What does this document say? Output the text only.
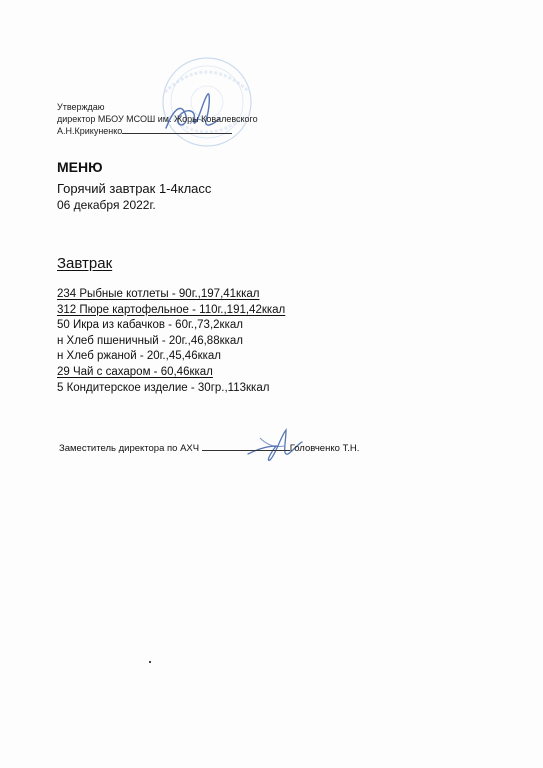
Утверждаю
директор МБОУ МСОШ им. Жоры Ковалевского
А.Н.Крикуненко
МЕНЮ
Горячий завтрак 1-4класс
06 декабря 2022г.
Завтрак
234 Рыбные котлеты - 90г.,197,41ккал
312 Пюре картофельное - 110г.,191,42ккал
50 Икра из кабачков - 60г.,73,2ккал
н Хлеб пшеничный - 20г.,46,88ккал
н Хлеб ржаной - 20г.,45,46ккал
29 Чай с сахаром - 60,46ккал
5 Кондитерское изделие - 30гр.,113ккал
Заместитель директора по АХЧ	Головченко Т.Н.
